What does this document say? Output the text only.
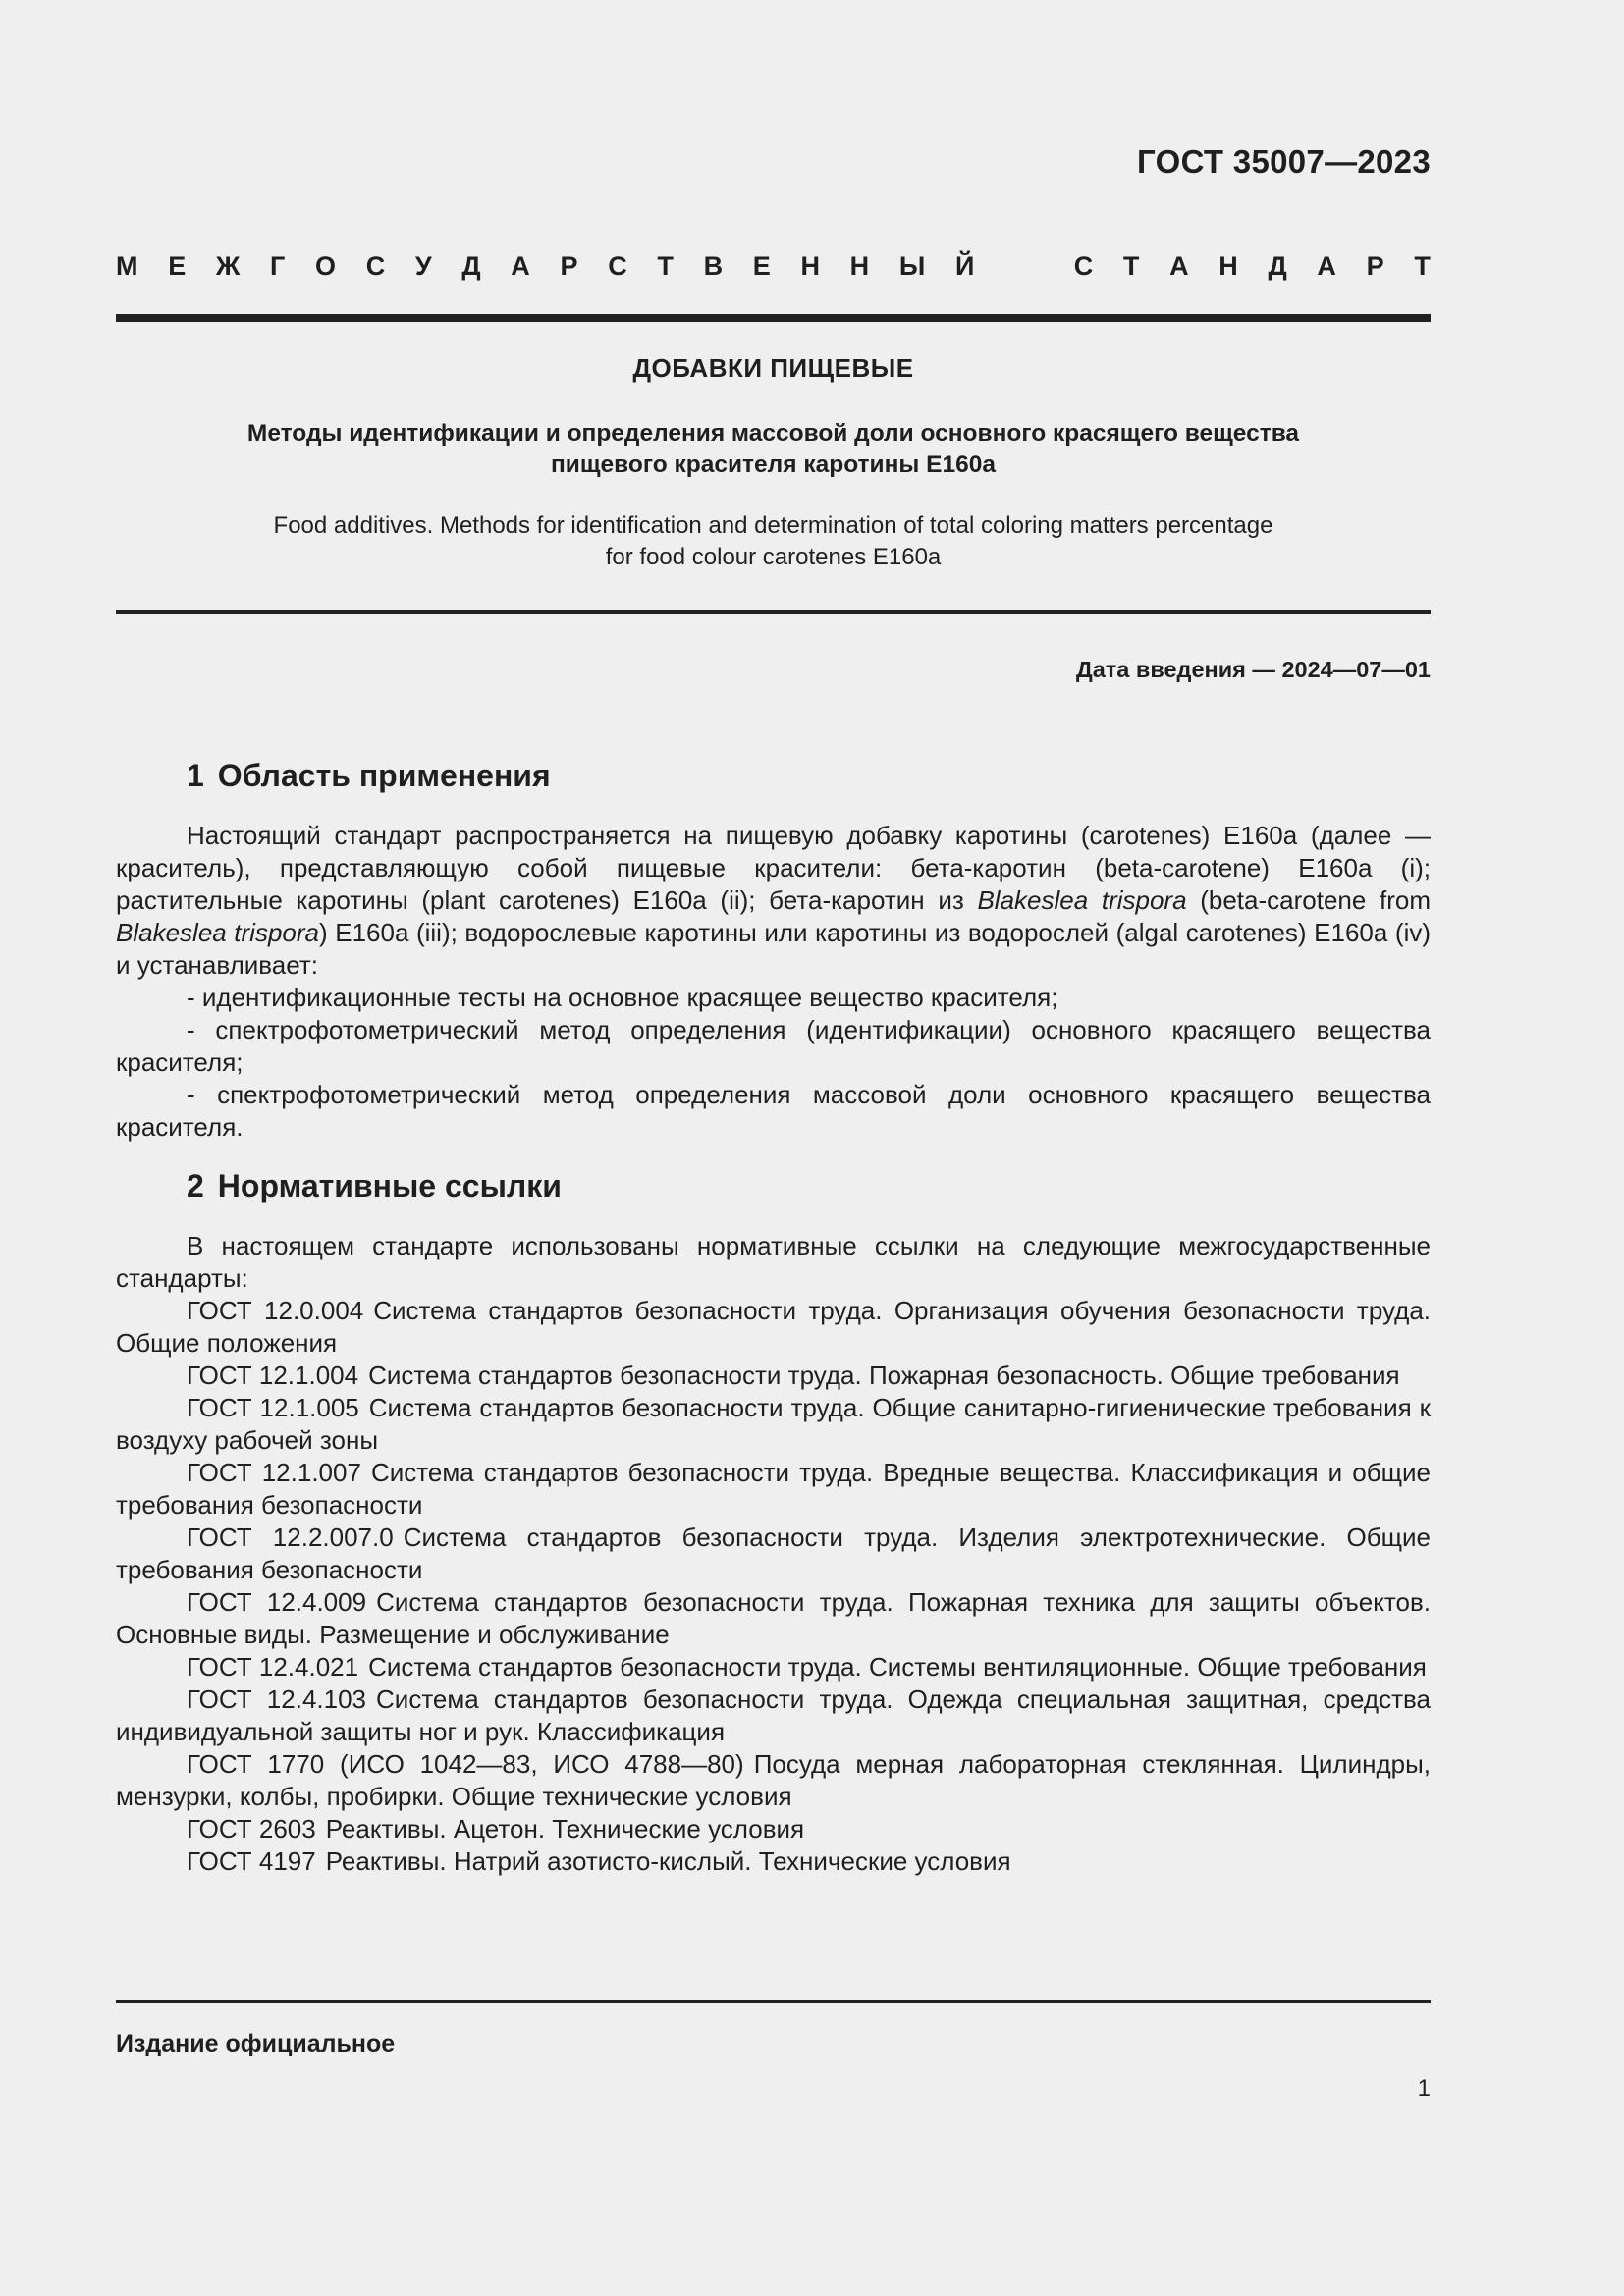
ГОСТ 35007—2023
М Е Ж Г О С У Д А Р С Т В Е Н Н Ы Й	С Т А Н Д А Р Т
ДОБАВКИ ПИЩЕВЫЕ
Методы идентификации и определения массовой доли основного красящего вещества
пищевого красителя каротины Е160а
Food additives. Methods for identification and determination of total coloring matters percentage
for food colour carotenes E160a
Дата введения — 2024—07—01
1 Область применения

Настоящий стандарт распространяется на пищевую добавку каротины (carotenes) Е160а (далее — краситель), представляющую собой пищевые красители: бета-каротин (beta-carotene) Е160а (i); растительные каротины (plant carotenes) Е160а (ii); бета-каротин из Blakeslea trispora (beta-carotene from Blakeslea trispora) Е160а (iii); водорослевые каротины или каротины из водорослей (algal carotenes) Е160а (iv) и устанавливает:

- идентификационные тесты на основное красящее вещество красителя;

- спектрофотометрический метод определения (идентификации) основного красящего вещества красителя;

- спектрофотометрический метод определения массовой доли основного красящего вещества красителя.

2 Нормативные ссылки

В настоящем стандарте использованы нормативные ссылки на следующие межгосударственные стандарты:

ГОСТ 12.0.004 Система стандартов безопасности труда. Организация обучения безопасности труда. Общие положения

ГОСТ 12.1.004 Система стандартов безопасности труда. Пожарная безопасность. Общие требования

ГОСТ 12.1.005 Система стандартов безопасности труда. Общие санитарно-гигиенические требования к воздуху рабочей зоны

ГОСТ 12.1.007 Система стандартов безопасности труда. Вредные вещества. Классификация и общие требования безопасности

ГОСТ 12.2.007.0 Система стандартов безопасности труда. Изделия электротехнические. Общие требования безопасности

ГОСТ 12.4.009 Система стандартов безопасности труда. Пожарная техника для защиты объектов. Основные виды. Размещение и обслуживание

ГОСТ 12.4.021 Система стандартов безопасности труда. Системы вентиляционные. Общие требования

ГОСТ 12.4.103 Система стандартов безопасности труда. Одежда специальная защитная, средства индивидуальной защиты ног и рук. Классификация

ГОСТ 1770 (ИСО 1042—83, ИСО 4788—80) Посуда мерная лабораторная стеклянная. Цилиндры, мензурки, колбы, пробирки. Общие технические условия

ГОСТ 2603 Реактивы. Ацетон. Технические условия

ГОСТ 4197 Реактивы. Натрий азотисто-кислый. Технические условия

Издание официальное
1
